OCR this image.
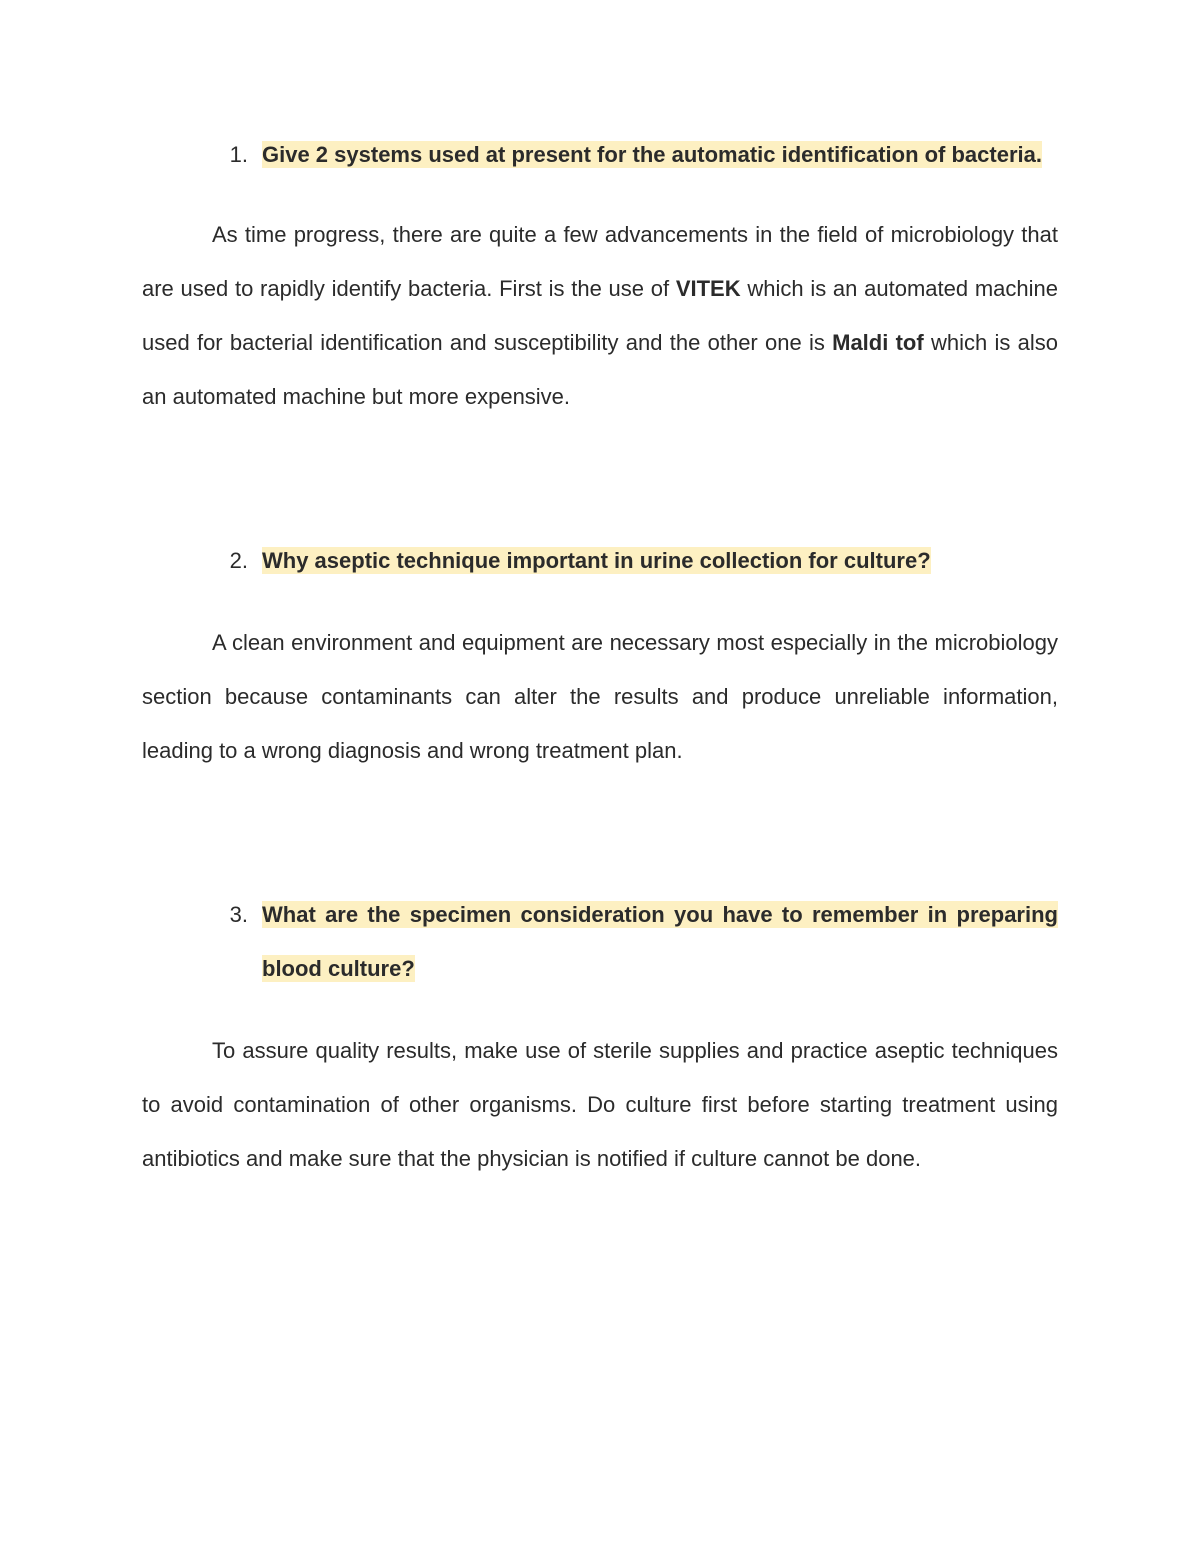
1. Give 2 systems used at present for the automatic identification of bacteria.

As time progress, there are quite a few advancements in the field of microbiology that are used to rapidly identify bacteria. First is the use of VITEK which is an automated machine used for bacterial identification and susceptibility and the other one is Maldi tof which is also an automated machine but more expensive.

2. Why aseptic technique important in urine collection for culture?

A clean environment and equipment are necessary most especially in the microbiology section because contaminants can alter the results and produce unreliable information, leading to a wrong diagnosis and wrong treatment plan.

3. What are the specimen consideration you have to remember in preparing blood culture?

To assure quality results, make use of sterile supplies and practice aseptic techniques to avoid contamination of other organisms. Do culture first before starting treatment using antibiotics and make sure that the physician is notified if culture cannot be done.
